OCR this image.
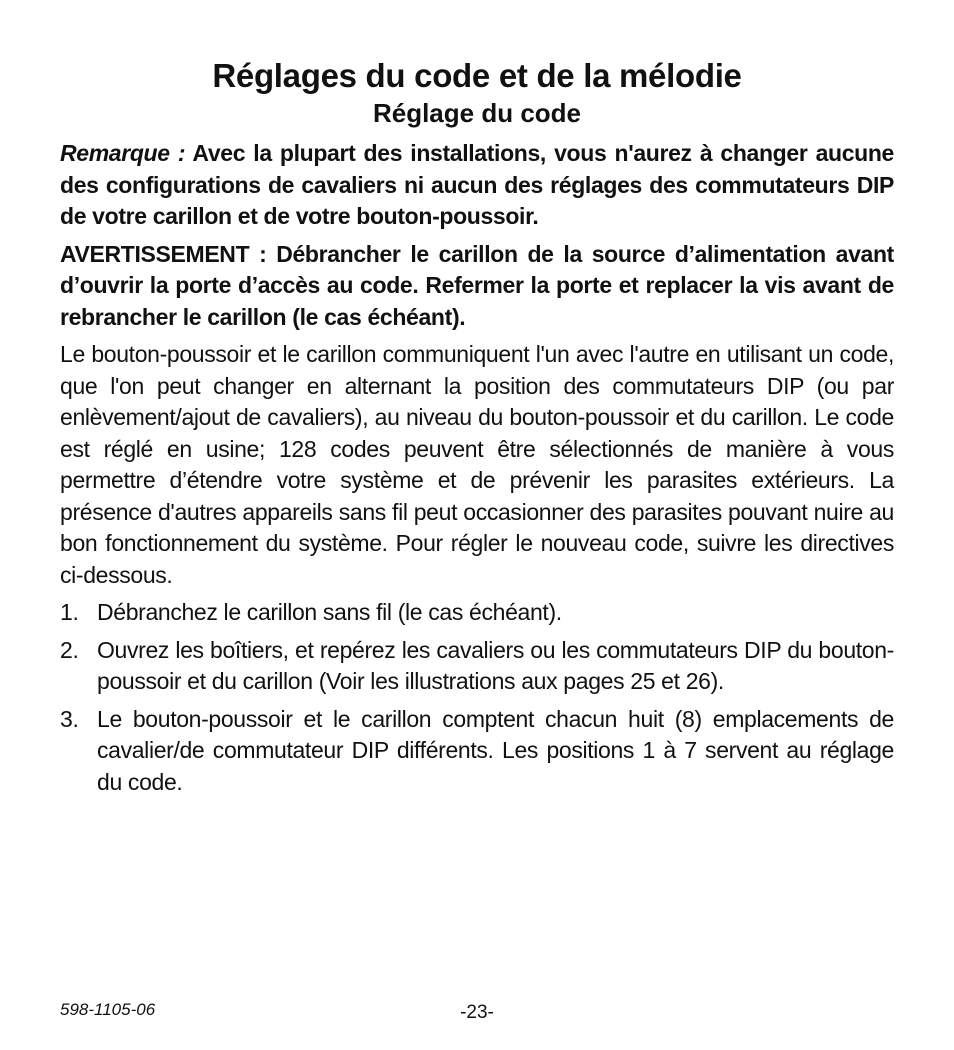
Réglages du code et de la mélodie
Réglage du code

Remarque : Avec la plupart des installations, vous n'aurez à changer aucune des configurations de cavaliers ni aucun des réglages des commutateurs DIP de votre carillon et de votre bouton-poussoir.

AVERTISSEMENT : Débrancher le carillon de la source d’alimentation avant d’ouvrir la porte d’accès au code. Refermer la porte et replacer la vis avant de rebrancher le carillon (le cas échéant).

Le bouton-poussoir et le carillon communiquent l'un avec l'autre en utilisant un code, que l'on peut changer en alternant la position des commutateurs DIP (ou par enlèvement/ajout de cavaliers), au niveau du bouton-poussoir et du carillon. Le code est réglé en usine; 128 codes peuvent être sélectionnés de manière à vous permettre d’étendre votre système et de prévenir les parasites extérieurs. La présence d'autres appareils sans fil peut occasionner des parasites pouvant nuire au bon fonctionnement du système. Pour régler le nouveau code, suivre les directives ci-dessous.

1. Débranchez le carillon sans fil (le cas échéant).
2. Ouvrez les boîtiers, et repérez les cavaliers ou les commutateurs DIP du bouton-poussoir et du carillon (Voir les illustrations aux pages 25 et 26).
3. Le bouton-poussoir et le carillon comptent chacun huit (8) emplacements de cavalier/de commutateur DIP différents. Les positions 1 à 7 servent au réglage du code.
598-1105-06	-23-
